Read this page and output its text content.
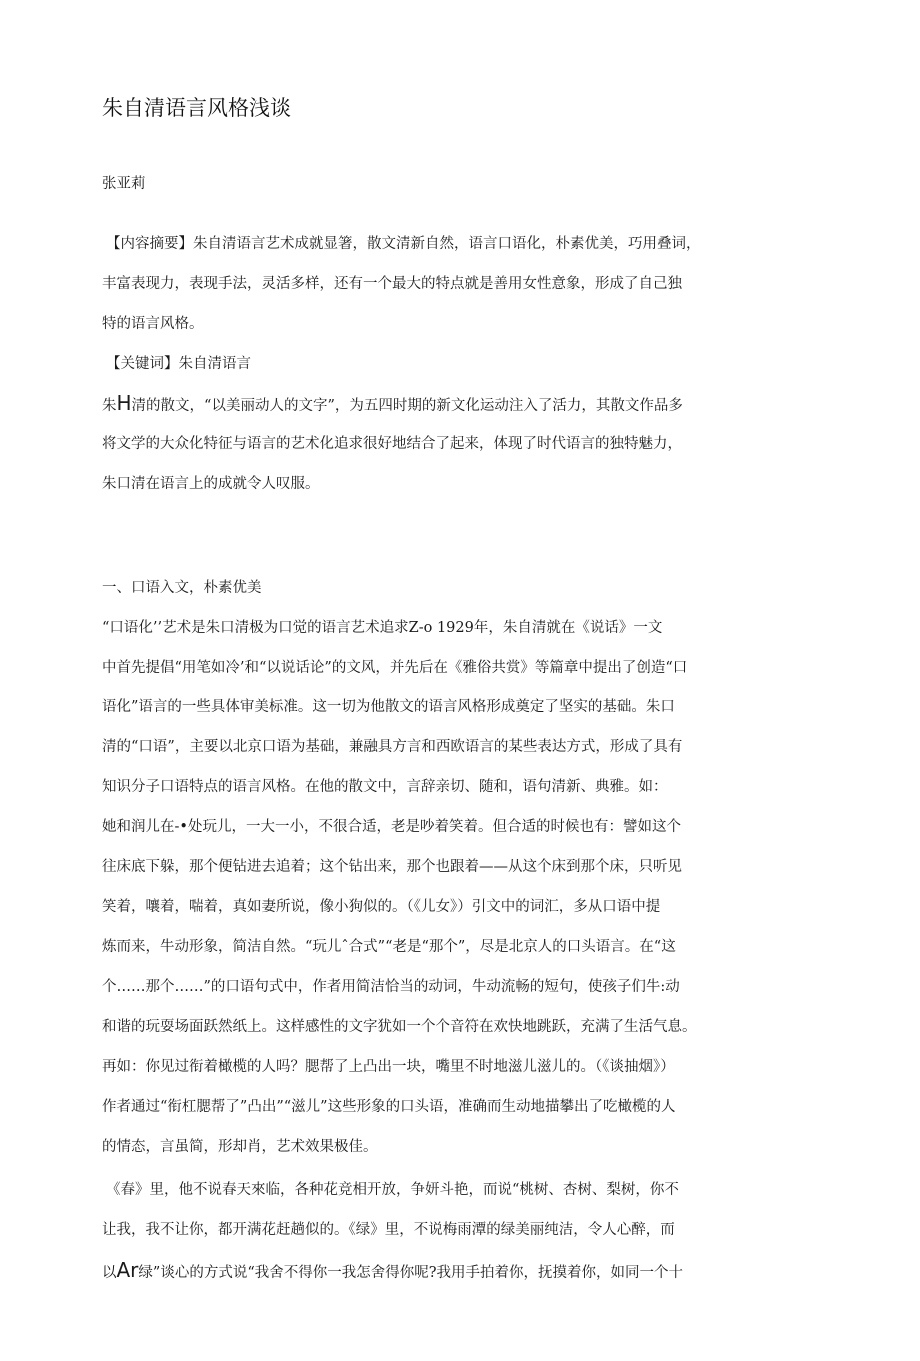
朱自清语言风格浅谈
张亚莉
【内容摘要】朱自清语言艺术成就显箸，散文清新自然，语言口语化，朴素优美，巧用叠词，
丰富表现力，表现手法，灵活多样，还有一个最大的特点就是善用女性意象，形成了自己独
特的语言风格。
【关键词】朱自清语言
朱H清的散文，“以美丽动人的文字”，为五四时期的新文化运动注入了活力，其散文作品多
将文学的大众化特征与语言的艺术化追求很好地结合了起来，体现了时代语言的独特魅力，
朱口清在语言上的成就令人叹服。
一、口语入文，朴素优美
“口语化’’艺术是朱口清极为口觉的语言艺术追求Z-o 1929年，朱自清就在《说话》一文
中首先提倡“用笔如冷’和“以说话论”的文风，并先后在《雅俗共赏》等篇章中提出了创造“口
语化”语言的一些具体审美标准。这一切为他散文的语言风格形成奠定了坚实的基础。朱口
清的“口语”，主要以北京口语为基础，兼融具方言和西欧语言的某些表达方式，形成了具有
知识分子口语特点的语言风格。在他的散文中，言辞亲切、随和，语句清新、典雅。如：
她和润儿在-•处玩儿，一大一小，不很合适，老是吵着笑着。但合适的时候也有：譬如这个
往床底下躲，那个便钻进去追着；这个钻出来，那个也跟着——从这个床到那个床，只听见
笑着，嚷着，喘着，真如妻所说，像小狗似的。（《儿女》）引文中的词汇，多从口语中提
炼而来，牛动形象，简洁自然。“玩儿ˆ合式”“老是“那个”，尽是北京人的口头语言。在“这
个……那个……”的口语句式中，作者用简洁恰当的动词，牛动流畅的短句，使孩子们牛:动
和谐的玩耍场面跃然纸上。这样感性的文字犹如一个个音符在欢快地跳跃，充满了生活气息。
再如：你见过衔着橄榄的人吗？腮帮了上凸出一块，嘴里不时地滋儿滋儿的。（《谈抽烟》）
作者通过“衔杠腮帮了”凸出”“滋儿”这些形象的口头语，准确而生动地描攀出了吃橄榄的人
的情态，言虽简，形却肖，艺术效果极佳。
《春》里，他不说春天來临，各种花竞相开放，争妍斗艳，而说“桃树、杏树、梨树，你不
让我，我不让你，都开满花赶趟似的。《绿》里，不说梅雨潭的绿美丽纯洁，令人心醉，而
以Ar绿”谈心的方式说“我舍不得你一我怎舍得你呢?我用手拍着你，抚摸着你，如同一个十
